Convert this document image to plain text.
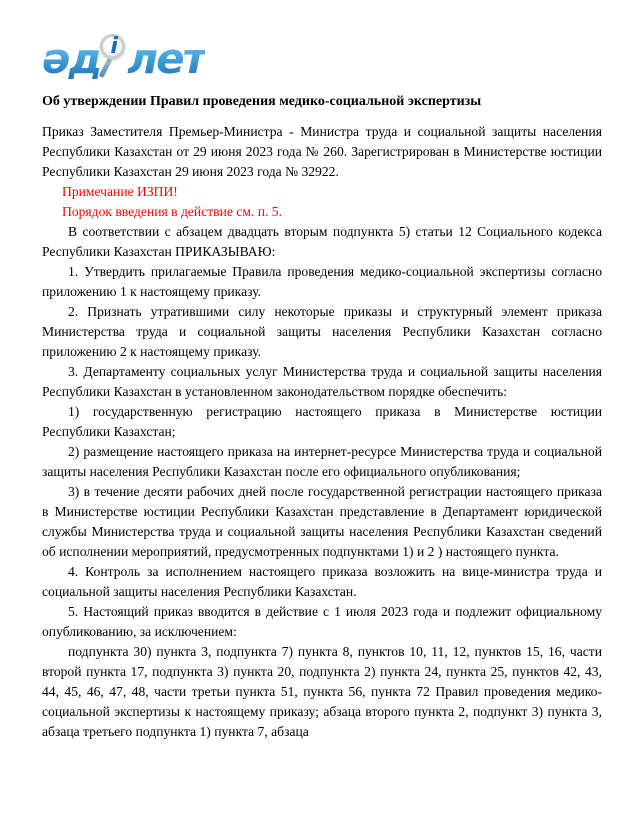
әд і лет
Об утверждении Правил проведения медико-социальной экспертизы

Приказ Заместителя Премьер-Министра - Министра труда и социальной защиты населения Республики Казахстан от 29 июня 2023 года № 260. Зарегистрирован в Министерстве юстиции Республики Казахстан 29 июня 2023 года № 32922.

Примечание ИЗПИ!

Порядок введения в действие см. п. 5.

В соответствии с абзацем двадцать вторым подпункта 5) статьи 12 Социального кодекса Республики Казахстан ПРИКАЗЫВАЮ:

1. Утвердить прилагаемые Правила проведения медико-социальной экспертизы согласно приложению 1 к настоящему приказу.

2. Признать утратившими силу некоторые приказы и структурный элемент приказа Министерства труда и социальной защиты населения Республики Казахстан согласно приложению 2 к настоящему приказу.

3. Департаменту социальных услуг Министерства труда и социальной защиты населения Республики Казахстан в установленном законодательством порядке обеспечить:

1) государственную регистрацию настоящего приказа в Министерстве юстиции Республики Казахстан;

2) размещение настоящего приказа на интернет-ресурсе Министерства труда и социальной защиты населения Республики Казахстан после его официального опубликования;

3) в течение десяти рабочих дней после государственной регистрации настоящего приказа в Министерстве юстиции Республики Казахстан представление в Департамент юридической службы Министерства труда и социальной защиты населения Республики Казахстан сведений об исполнении мероприятий, предусмотренных подпунктами 1) и 2 ) настоящего пункта.

4. Контроль за исполнением настоящего приказа возложить на вице-министра труда и социальной защиты населения Республики Казахстан.

5. Настоящий приказ вводится в действие с 1 июля 2023 года и подлежит официальному опубликованию, за исключением:

подпункта 30) пункта 3, подпункта 7) пункта 8, пунктов 10, 11, 12, пунктов 15, 16, части второй пункта 17, подпункта 3) пункта 20, подпункта 2) пункта 24, пункта 25, пунктов 42, 43, 44, 45, 46, 47, 48, части третьи пункта 51, пункта 56, пункта 72 Правил проведения медико-социальной экспертизы к настоящему приказу; абзаца второго пункта 2, подпункт 3) пункта 3, абзаца третьего подпункта 1) пункта 7, абзаца
